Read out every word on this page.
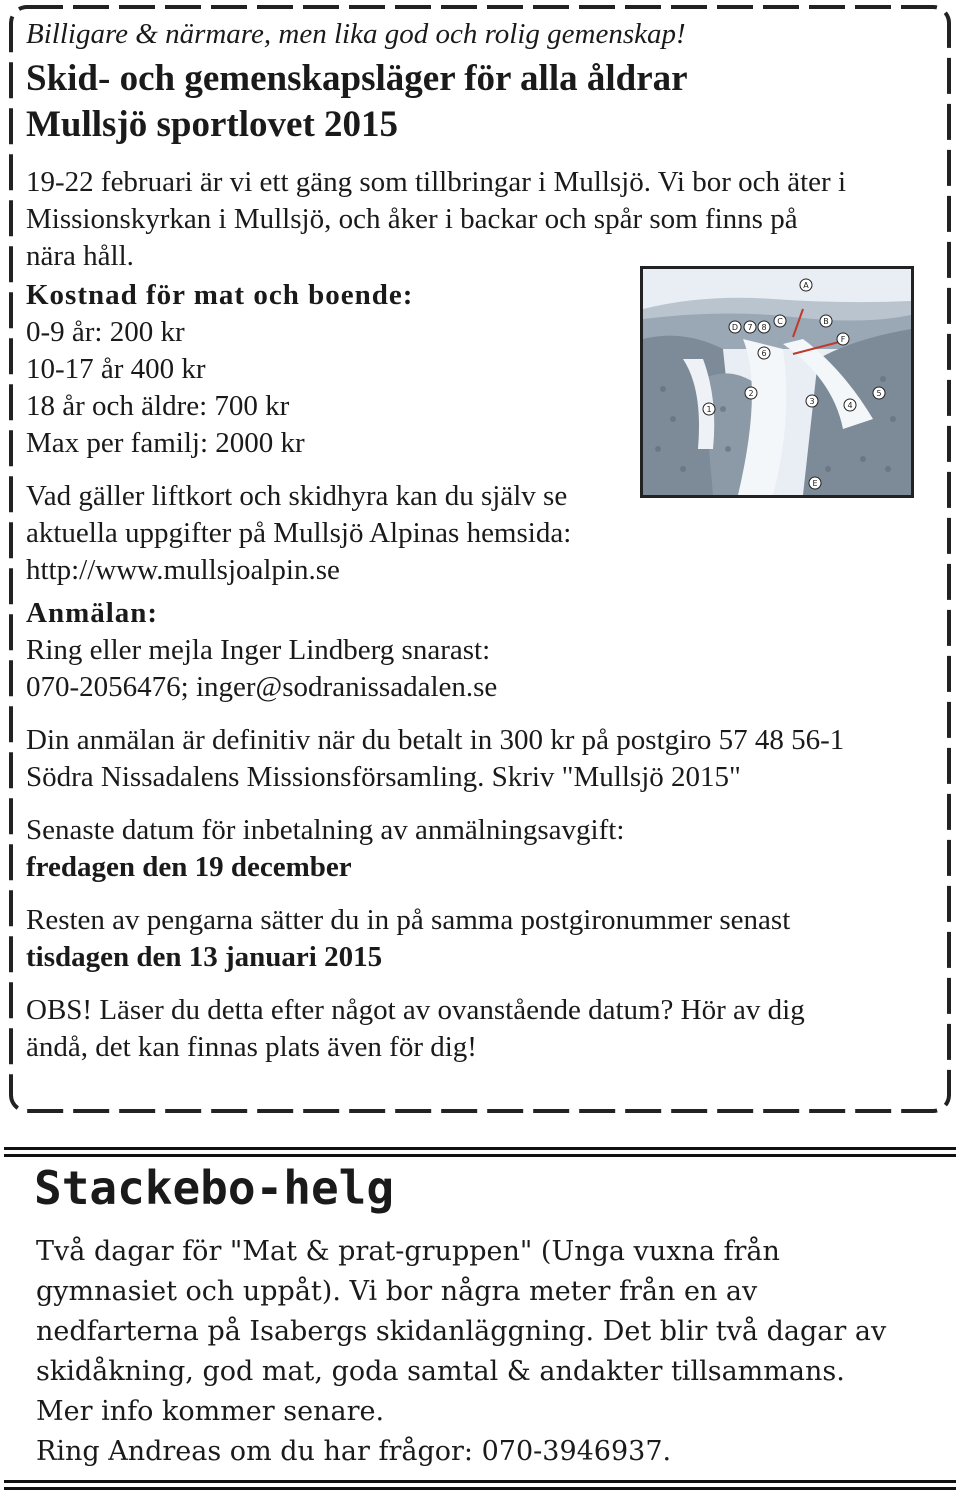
Billigare & närmare, men lika god och rolig gemenskap!
Skid- och gemenskapsläger för alla åldrar
Mullsjö sportlovet 2015
19-22 februari är vi ett gäng som tillbringar i Mullsjö. Vi bor och äter i
Missionskyrkan i Mullsjö, och åker i backar och spår som finns på
nära håll.
Kostnad för mat och boende:
0-9 år: 200 kr
10-17 år 400 kr
18 år och äldre: 700 kr
Max per familj: 2000 kr
Vad gäller liftkort och skidhyra kan du själv se
aktuella uppgifter på Mullsjö Alpinas hemsida:
http://www.mullsjoalpin.se
Anmälan:
Ring eller mejla Inger Lindberg snarast:
070-2056476; inger@sodranissadalen.se
Din anmälan är definitiv när du betalt in 300 kr på postgiro 57 48 56-1
Södra Nissadalens Missionsförsamling. Skriv "Mullsjö 2015"
Senaste datum för inbetalning av anmälningsavgift:
fredagen den 19 december
Resten av pengarna sätter du in på samma postgironummer senast
tisdagen den 13 januari 2015
OBS! Läser du detta efter något av ovanstående datum? Hör av dig
ändå, det kan finnas plats även för dig!
A
B
C
D
E
F
1
2
3	4
5
6
7 8
Stackebo-helg
Två dagar för "Mat & prat-gruppen" (Unga vuxna från
gymnasiet och uppåt). Vi bor några meter från en av
nedfarterna på Isabergs skidanläggning. Det blir två dagar av
skidåkning, god mat, goda samtal & andakter tillsammans.
Mer info kommer senare.
Ring Andreas om du har frågor: 070-3946937.
